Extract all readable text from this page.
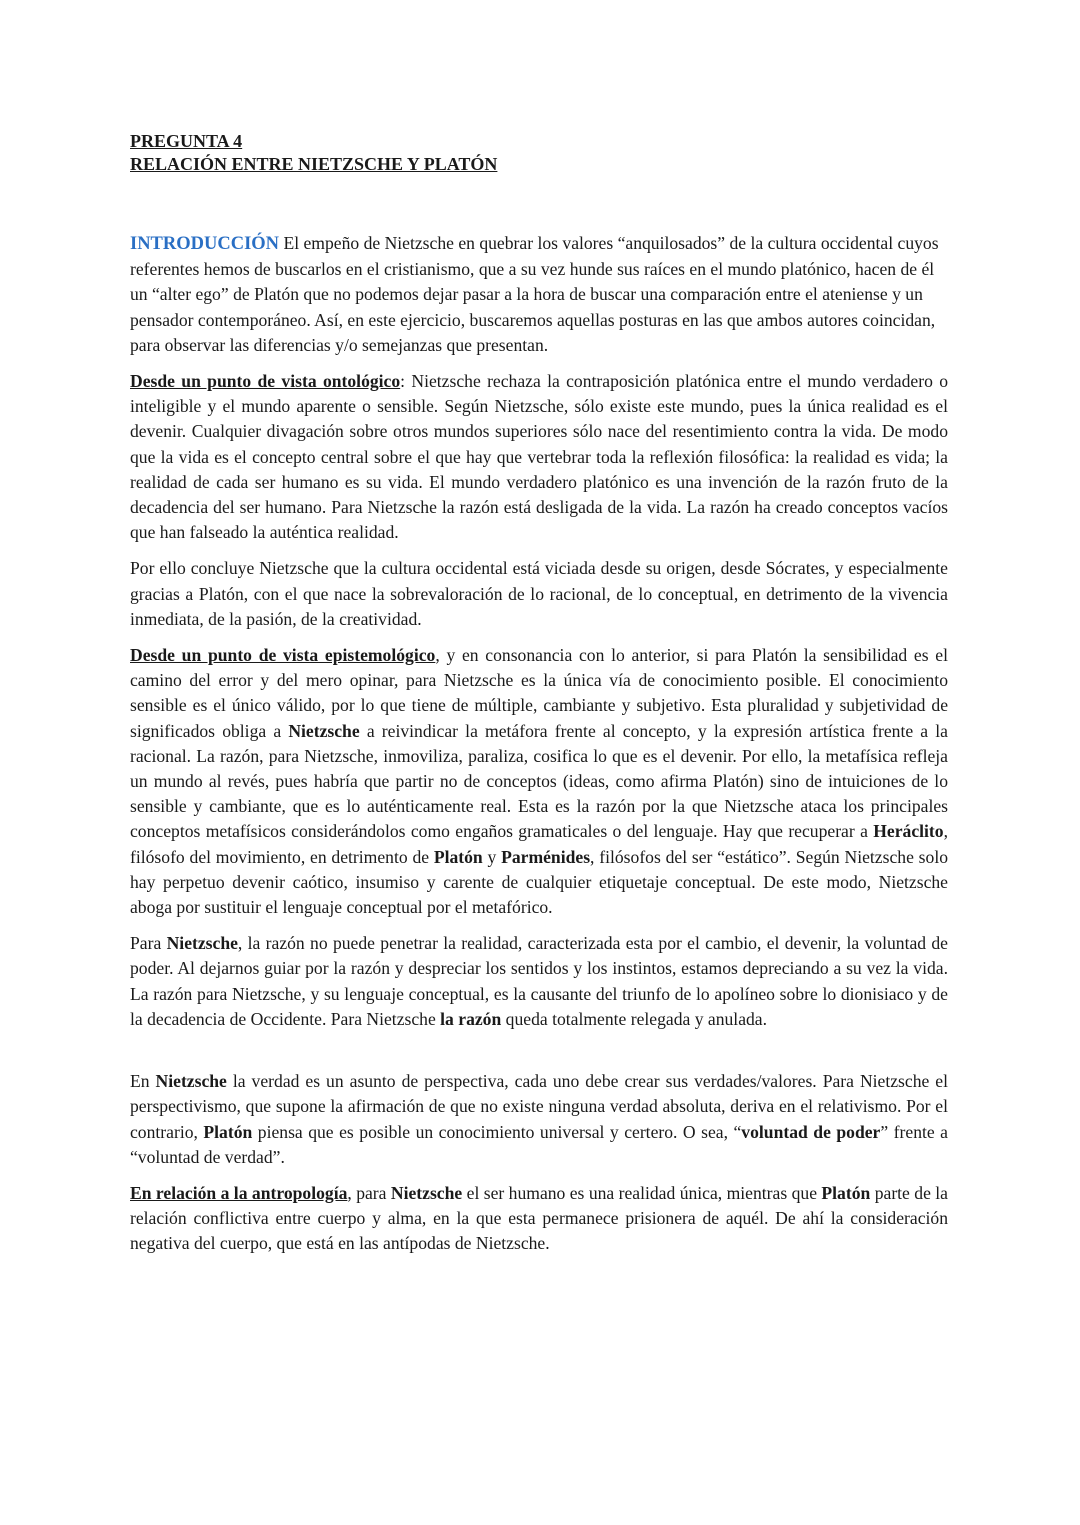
PREGUNTA 4

RELACIÓN ENTRE NIETZSCHE Y PLATÓN

INTRODUCCIÓN El empeño de Nietzsche en quebrar los valores “anquilosados” de la cultura occidental cuyos referentes hemos de buscarlos en el cristianismo, que a su vez hunde sus raíces en el mundo platónico, hacen de él un “alter ego” de Platón que no podemos dejar pasar a la hora de buscar una comparación entre el ateniense y un pensador contemporáneo. Así, en este ejercicio, buscaremos aquellas posturas en las que ambos autores coincidan, para observar las diferencias y/o semejanzas que presentan.

Desde un punto de vista ontológico: Nietzsche rechaza la contraposición platónica entre el mundo verdadero o inteligible y el mundo aparente o sensible. Según Nietzsche, sólo existe este mundo, pues la única realidad es el devenir. Cualquier divagación sobre otros mundos superiores sólo nace del resentimiento contra la vida. De modo que la vida es el concepto central sobre el que hay que vertebrar toda la reflexión filosófica: la realidad es vida; la realidad de cada ser humano es su vida. El mundo verdadero platónico es una invención de la razón fruto de la decadencia del ser humano. Para Nietzsche la razón está desligada de la vida. La razón ha creado conceptos vacíos que han falseado la auténtica realidad.

Por ello concluye Nietzsche que la cultura occidental está viciada desde su origen, desde Sócrates, y especialmente gracias a Platón, con el que nace la sobrevaloración de lo racional, de lo conceptual, en detrimento de la vivencia inmediata, de la pasión, de la creatividad.

Desde un punto de vista epistemológico, y en consonancia con lo anterior, si para Platón la sensibilidad es el camino del error y del mero opinar, para Nietzsche es la única vía de conocimiento posible. El conocimiento sensible es el único válido, por lo que tiene de múltiple, cambiante y subjetivo. Esta pluralidad y subjetividad de significados obliga a Nietzsche a reivindicar la metáfora frente al concepto, y la expresión artística frente a la racional. La razón, para Nietzsche, inmoviliza, paraliza, cosifica lo que es el devenir. Por ello, la metafísica refleja un mundo al revés, pues habría que partir no de conceptos (ideas, como afirma Platón) sino de intuiciones de lo sensible y cambiante, que es lo auténticamente real. Esta es la razón por la que Nietzsche ataca los principales conceptos metafísicos considerándolos como engaños gramaticales o del lenguaje. Hay que recuperar a Heráclito, filósofo del movimiento, en detrimento de Platón y Parménides, filósofos del ser “estático”. Según Nietzsche solo hay perpetuo devenir caótico, insumiso y carente de cualquier etiquetaje conceptual. De este modo, Nietzsche aboga por sustituir el lenguaje conceptual por el metafórico.

Para Nietzsche, la razón no puede penetrar la realidad, caracterizada esta por el cambio, el devenir, la voluntad de poder. Al dejarnos guiar por la razón y despreciar los sentidos y los instintos, estamos depreciando a su vez la vida. La razón para Nietzsche, y su lenguaje conceptual, es la causante del triunfo de lo apolíneo sobre lo dionisiaco y de la decadencia de Occidente. Para Nietzsche la razón queda totalmente relegada y anulada.

En Nietzsche la verdad es un asunto de perspectiva, cada uno debe crear sus verdades/valores. Para Nietzsche el perspectivismo, que supone la afirmación de que no existe ninguna verdad absoluta, deriva en el relativismo. Por el contrario, Platón piensa que es posible un conocimiento universal y certero. O sea, “voluntad de poder” frente a “voluntad de verdad”.

En relación a la antropología, para Nietzsche el ser humano es una realidad única, mientras que Platón parte de la relación conflictiva entre cuerpo y alma, en la que esta permanece prisionera de aquél. De ahí la consideración negativa del cuerpo, que está en las antípodas de Nietzsche.
